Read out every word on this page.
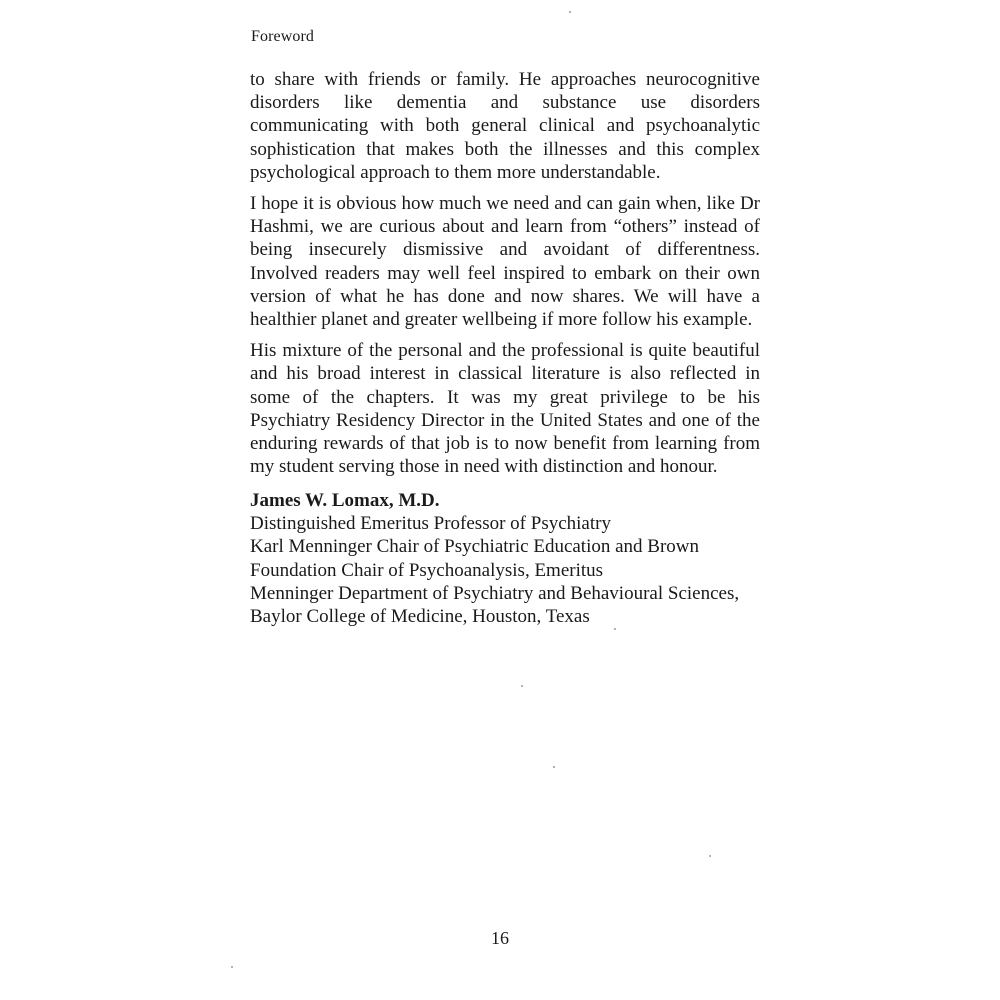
Foreword

to share with friends or family. He approaches neurocognitive disorders like dementia and substance use disorders communicating with both general clinical and psychoanalytic sophistication that makes both the illnesses and this complex psychological approach to them more understandable.

I hope it is obvious how much we need and can gain when, like Dr Hashmi, we are curious about and learn from “others” instead of being insecurely dismissive and avoidant of differentness. Involved readers may well feel inspired to embark on their own version of what he has done and now shares. We will have a healthier planet and greater wellbeing if more follow his example.

His mixture of the personal and the professional is quite beautiful and his broad interest in classical literature is also reflected in some of the chapters. It was my great privilege to be his Psychiatry Residency Director in the United States and one of the enduring rewards of that job is to now benefit from learning from my student serving those in need with distinction and honour.

James W. Lomax, M.D.

Distinguished Emeritus Professor of Psychiatry

Karl Menninger Chair of Psychiatric Education and Brown

Foundation Chair of Psychoanalysis, Emeritus

Menninger Department of Psychiatry and Behavioural Sciences,

Baylor College of Medicine, Houston, Texas

16
